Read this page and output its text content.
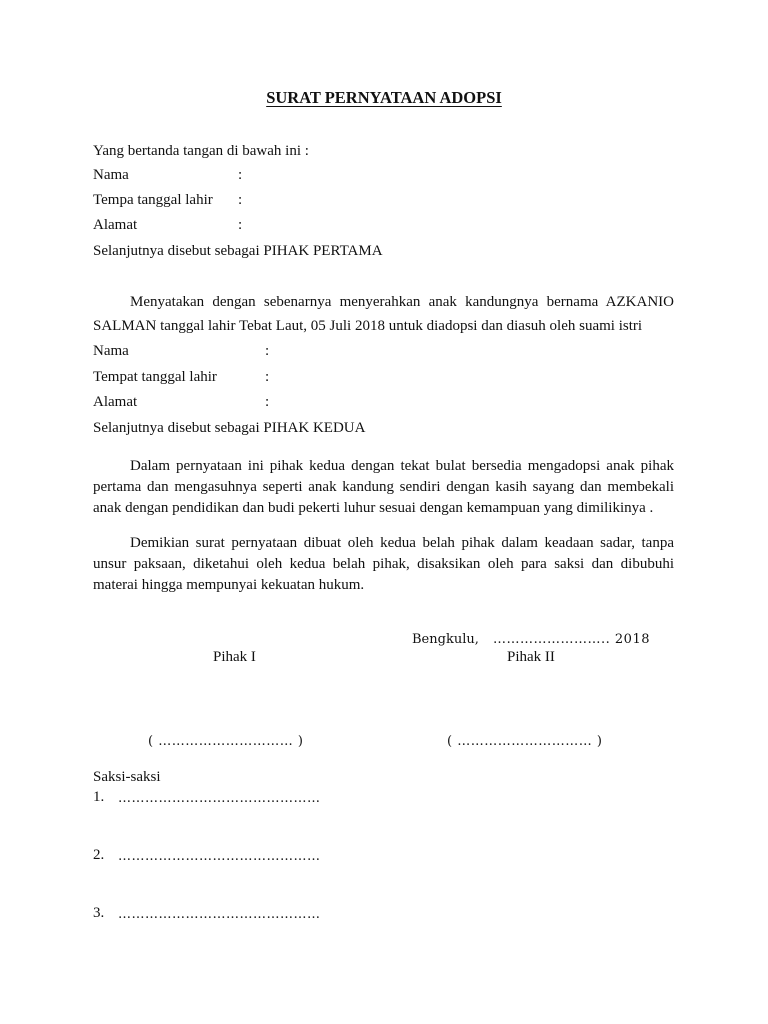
SURAT PERNYATAAN ADOPSI
Yang bertanda tangan di bawah ini :
Nama	:
Tempa tanggal lahir :
Alamat	:
Selanjutnya disebut sebagai PIHAK PERTAMA
Menyatakan dengan sebenarnya menyerahkan anak kandungnya bernama AZKANIO SALMAN tanggal lahir Tebat Laut, 05 Juli 2018 untuk diadopsi dan diasuh oleh suami istri
Nama	:
Tempat tanggal lahir	:
Alamat	:
Selanjutnya disebut sebagai PIHAK KEDUA
Dalam pernyataan ini pihak kedua dengan tekat bulat bersedia mengadopsi anak pihak pertama dan mengasuhnya seperti anak kandung sendiri dengan kasih sayang dan membekali anak dengan pendidikan dan budi pekerti luhur sesuai dengan kemampuan yang dimilikinya .
Demikian surat pernyataan dibuat oleh kedua belah pihak dalam keadaan sadar, tanpa unsur paksaan, diketahui oleh kedua belah pihak, disaksikan oleh para saksi dan dibubuhi materai hingga mempunyai kekuatan hukum.
Bengkulu, …………………….. 2018
Pihak I	Pihak II
( ………………………… )	( ………………………… )
Saksi-saksi
1. ………………………………………
2. ………………………………………
3. ………………………………………
